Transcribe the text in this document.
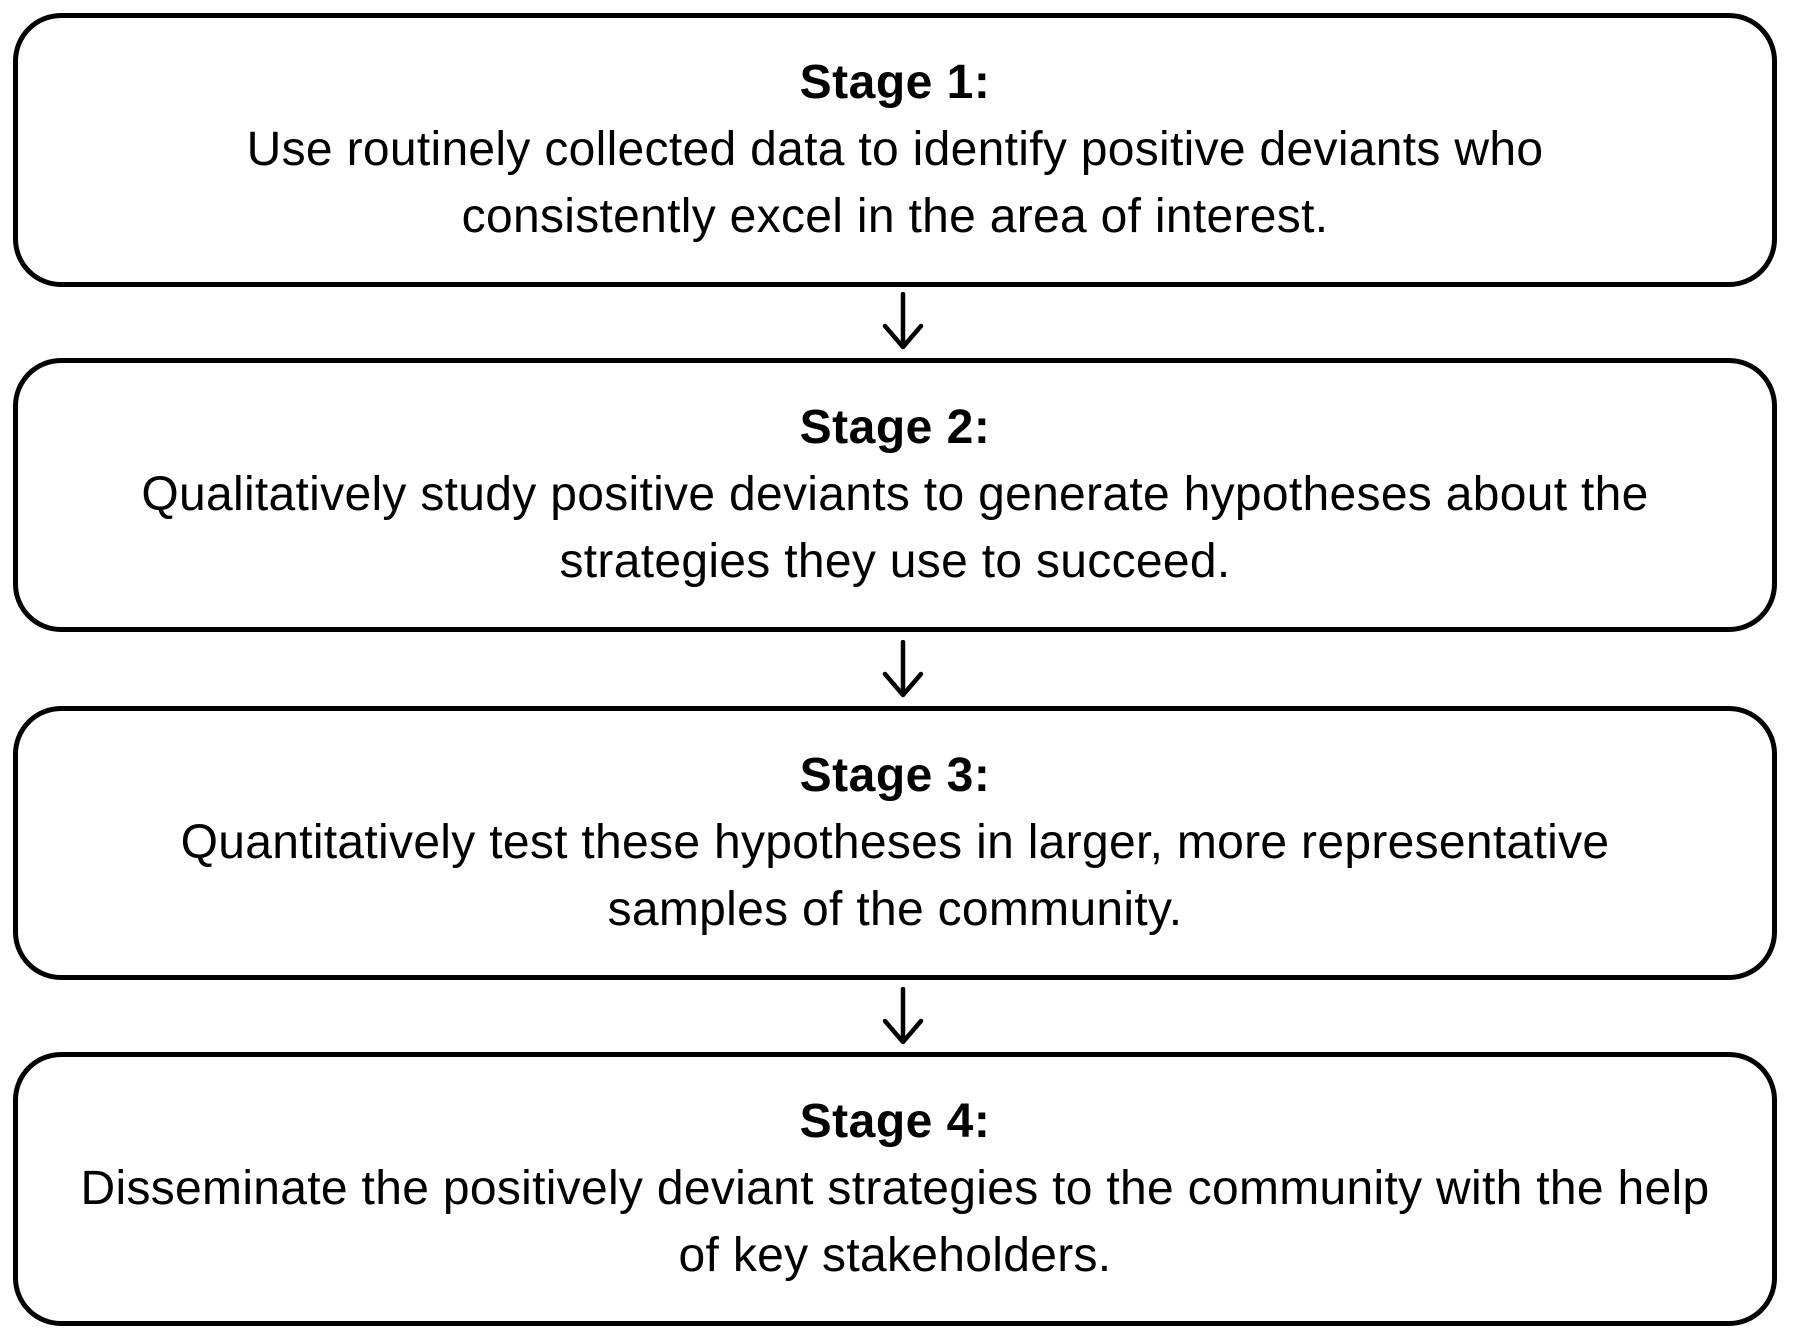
Stage 1:
Use routinely collected data to identify positive deviants who consistently excel in the area of interest.
Stage 2:
Qualitatively study positive deviants to generate hypotheses about the strategies they use to succeed.
Stage 3:
Quantitatively test these hypotheses in larger, more representative samples of the community.
Stage 4:
Disseminate the positively deviant strategies to the community with the help of key stakeholders.
